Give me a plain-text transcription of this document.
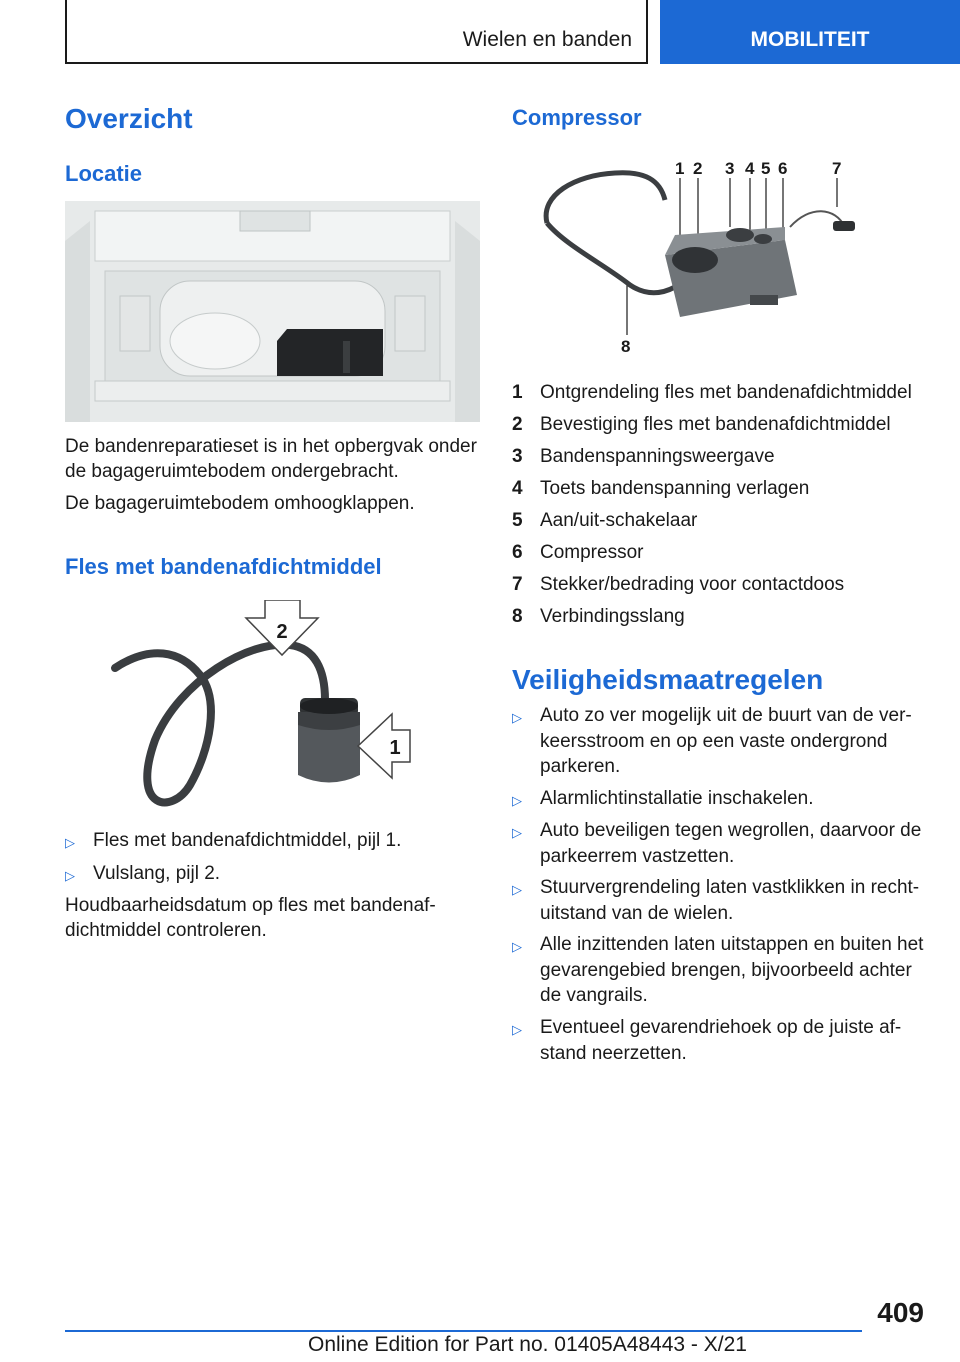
Wielen en banden	MOBILITEIT
Overzicht
Locatie

De bandenreparatieset is in het opbergvak onder de bagageruimtebodem ondergebracht.

De bagageruimtebodem omhoogklappen.

Fles met bandenafdichtmiddel
2
1
▷ Fles met bandenafdichtmiddel, pijl 1.
▷ Vulslang, pijl 2.

Houdbaarheidsdatum op fles met bandenaf-dichtmiddel controleren.

Compressor
1 2 3 4 5 6	7
8
1 Ontgrendeling fles met bandenafdichtmiddel
2 Bevestiging fles met bandenafdichtmiddel
3 Bandenspanningsweergave
4 Toets bandenspanning verlagen
5 Aan/uit-schakelaar
6 Compressor
7 Stekker/bedrading voor contactdoos
8 Verbindingsslang
Veiligheidsmaatregelen
▷ Auto zo ver mogelijk uit de buurt van de ver-keersstroom en op een vaste ondergrond parkeren.
▷ Alarmlichtinstallatie inschakelen.
▷ Auto beveiligen tegen wegrollen, daarvoor de parkeerrem vastzetten.
▷ Stuurvergrendeling laten vastklikken in recht-uitstand van de wielen.
▷ Alle inzittenden laten uitstappen en buiten het gevarengebied brengen, bijvoorbeeld achter de vangrails.
▷ Eventueel gevarendriehoek op de juiste af-stand neerzetten.
409
Online Edition for Part no. 01405A48443 - X/21
